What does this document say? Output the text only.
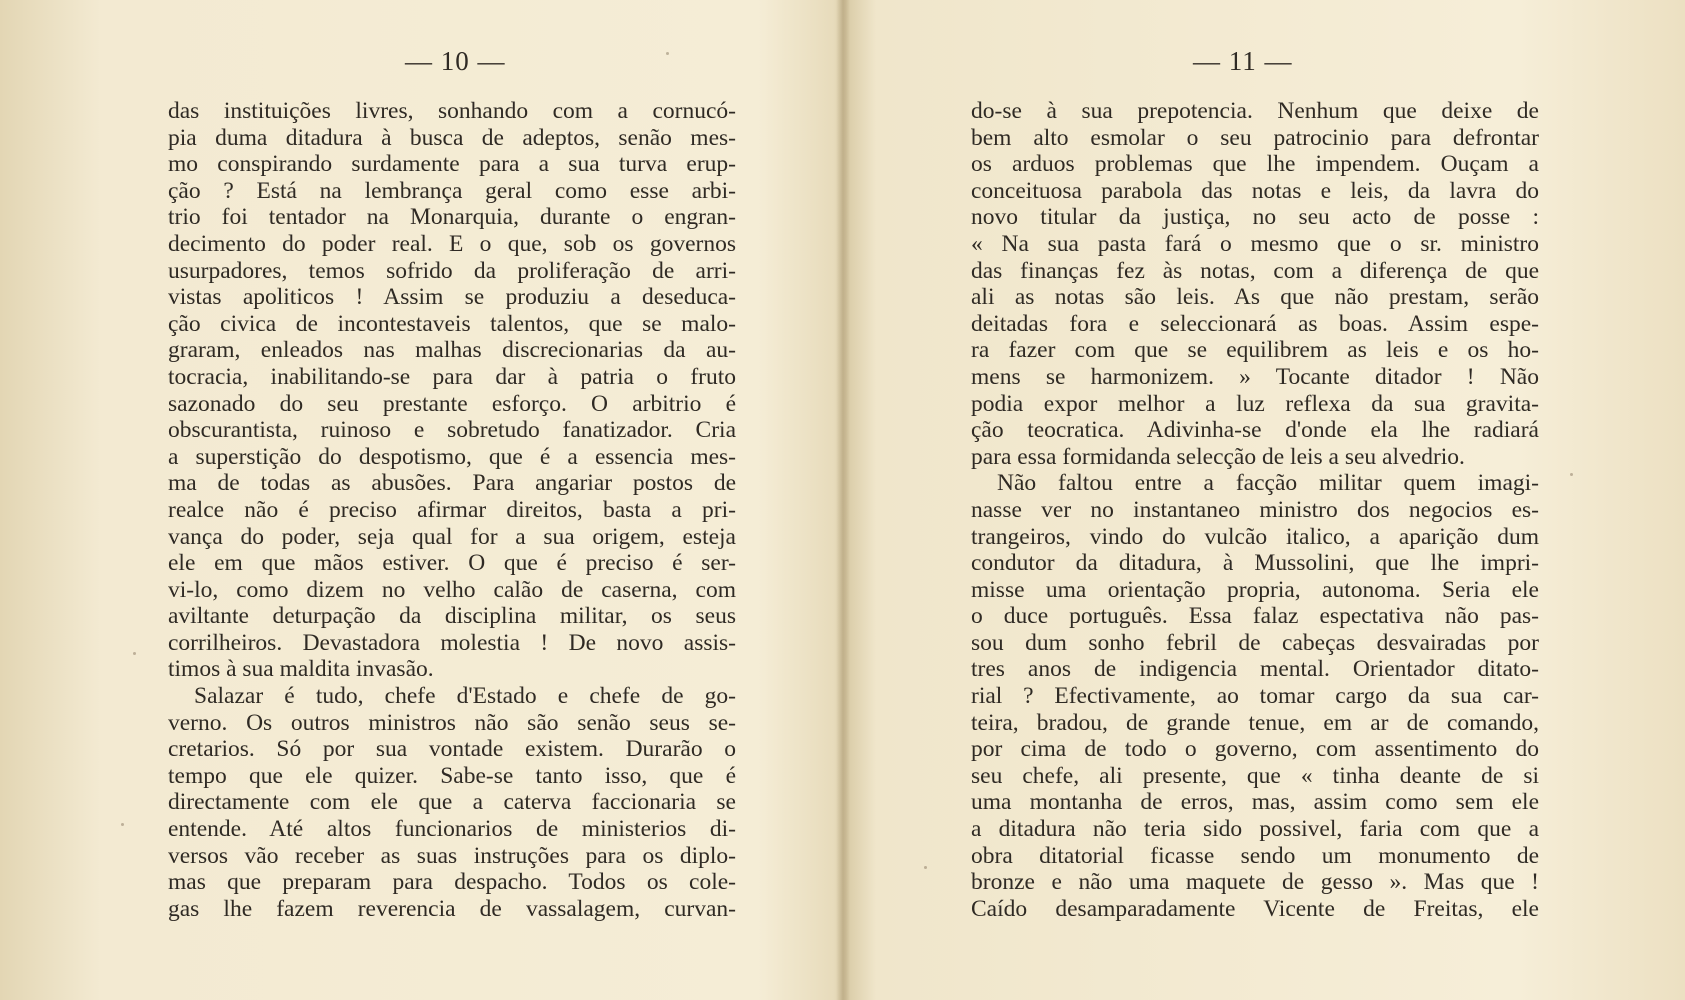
— 10 —
das instituições livres, sonhando com a cornucó-
pia duma ditadura à busca de adeptos, senão mes-
mo conspirando surdamente para a sua turva erup-
ção ? Está na lembrança geral como esse arbi-
trio foi tentador na Monarquia, durante o engran-
decimento do poder real. E o que, sob os governos
usurpadores, temos sofrido da proliferação de arri-
vistas apoliticos ! Assim se produziu a deseduca-
ção civica de incontestaveis talentos, que se malo-
graram, enleados nas malhas discrecionarias da au-
tocracia, inabilitando-se para dar à patria o fruto
sazonado do seu prestante esforço. O arbitrio é
obscurantista, ruinoso e sobretudo fanatizador. Cria
a superstição do despotismo, que é a essencia mes-
ma de todas as abusões. Para angariar postos de
realce não é preciso afirmar direitos, basta a pri-
vança do poder, seja qual for a sua origem, esteja
ele em que mãos estiver. O que é preciso é ser-
vi-lo, como dizem no velho calão de caserna, com
aviltante deturpação da disciplina militar, os seus
corrilheiros. Devastadora molestia ! De novo assis-
timos à sua maldita invasão.
Salazar é tudo, chefe d'Estado e chefe de go-
verno. Os outros ministros não são senão seus se-
cretarios. Só por sua vontade existem. Durarão o
tempo que ele quizer. Sabe-se tanto isso, que é
directamente com ele que a caterva faccionaria se
entende. Até altos funcionarios de ministerios di-
versos vão receber as suas instruções para os diplo-
mas que preparam para despacho. Todos os cole-
gas lhe fazem reverencia de vassalagem, curvan-
— 11 —
do-se à sua prepotencia. Nenhum que deixe de
bem alto esmolar o seu patrocinio para defrontar
os arduos problemas que lhe impendem. Ouçam a
conceituosa parabola das notas e leis, da lavra do
novo titular da justiça, no seu acto de posse :
« Na sua pasta fará o mesmo que o sr. ministro
das finanças fez às notas, com a diferença de que
ali as notas são leis. As que não prestam, serão
deitadas fora e seleccionará as boas. Assim espe-
ra fazer com que se equilibrem as leis e os ho-
mens se harmonizem. » Tocante ditador ! Não
podia expor melhor a luz reflexa da sua gravita-
ção teocratica. Adivinha-se d'onde ela lhe radiará
para essa formidanda selecção de leis a seu alvedrio.
Não faltou entre a facção militar quem imagi-
nasse ver no instantaneo ministro dos negocios es-
trangeiros, vindo do vulcão italico, a aparição dum
condutor da ditadura, à Mussolini, que lhe impri-
misse uma orientação propria, autonoma. Seria ele
o duce português. Essa falaz espectativa não pas-
sou dum sonho febril de cabeças desvairadas por
tres anos de indigencia mental. Orientador ditato-
rial ? Efectivamente, ao tomar cargo da sua car-
teira, bradou, de grande tenue, em ar de comando,
por cima de todo o governo, com assentimento do
seu chefe, ali presente, que « tinha deante de si
uma montanha de erros, mas, assim como sem ele
a ditadura não teria sido possivel, faria com que a
obra ditatorial ficasse sendo um monumento de
bronze e não uma maquete de gesso ». Mas que !
Caído desamparadamente Vicente de Freitas, ele
